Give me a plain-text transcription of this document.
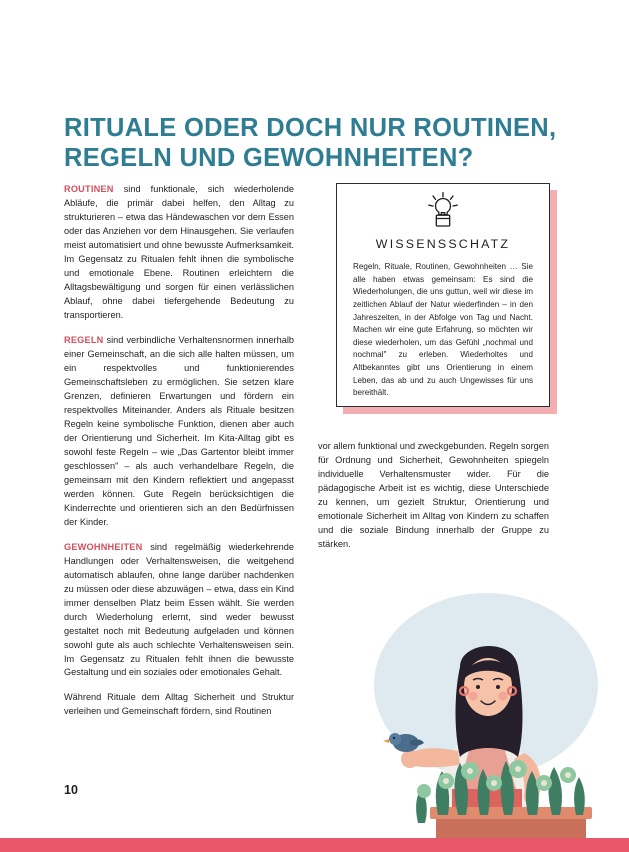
RITUALE ODER DOCH NUR ROUTINEN,
REGELN UND GEWOHNHEITEN?

ROUTINEN sind funktionale, sich wiederholende Abläufe, die primär dabei helfen, den Alltag zu strukturieren – etwa das Händewaschen vor dem Essen oder das Anziehen vor dem Hinausgehen. Sie verlaufen meist automatisiert und ohne bewusste Aufmerksamkeit. Im Gegensatz zu Ritualen fehlt ihnen die symbolische und emotionale Ebene. Routinen erleichtern die Alltagsbewältigung und sorgen für einen verlässlichen Ablauf, ohne dabei tiefergehende Bedeutung zu transportieren.

REGELN sind verbindliche Verhaltensnormen innerhalb einer Gemeinschaft, an die sich alle halten müssen, um ein respektvolles und funktionierendes Gemeinschaftsleben zu ermöglichen. Sie setzen klare Grenzen, definieren Erwartungen und fördern ein respektvolles Miteinander. Anders als Rituale besitzen Regeln keine symbolische Funktion, dienen aber auch der Orientierung und Sicherheit. Im Kita-Alltag gibt es sowohl feste Regeln – wie „Das Gartentor bleibt immer geschlossen" – als auch verhandelbare Regeln, die gemeinsam mit den Kindern reflektiert und angepasst werden können. Gute Regeln berücksichtigen die Kinderrechte und orientieren sich an den Bedürfnissen der Kinder.

GEWOHNHEITEN sind regelmäßig wiederkehrende Handlungen oder Verhaltensweisen, die weitgehend automatisch ablaufen, ohne lange darüber nachdenken zu müssen oder diese abzuwägen – etwa, dass ein Kind immer denselben Platz beim Essen wählt. Sie werden durch Wiederholung erlernt, sind weder bewusst gestaltet noch mit Bedeutung aufgeladen und können sowohl gute als auch schlechte Verhaltensweisen sein. Im Gegensatz zu Ritualen fehlt ihnen die bewusste Gestaltung und ein soziales oder emotionales Gehalt.

Während Rituale dem Alltag Sicherheit und Struktur verleihen und Gemeinschaft fördern, sind Routinen

vor allem funktional und zweckgebunden. Regeln sorgen für Ordnung und Sicherheit, Gewohnheiten spiegeln individuelle Verhaltensmuster wider. Für die pädagogische Arbeit ist es wichtig, diese Unterschiede zu kennen, um gezielt Struktur, Orientierung und emotionale Sicherheit im Alltag von Kindern zu schaffen und die soziale Bindung innerhalb der Gruppe zu stärken.

WISSENSSCHATZ
Regeln, Rituale, Routinen, Gewohnheiten … Sie alle haben etwas gemeinsam: Es sind die Wiederholungen, die uns guttun, weil wir diese im zeitlichen Ablauf der Natur wiederfinden – in den Jahreszeiten, in der Abfolge von Tag und Nacht. Machen wir eine gute Erfahrung, so möchten wir diese wiederholen, um das Gefühl „nochmal und nochmal" zu erleben. Wiederholtes und Altbekanntes gibt uns Orientierung in einem Leben, das ab und zu auch Ungewisses für uns bereithält.
10
